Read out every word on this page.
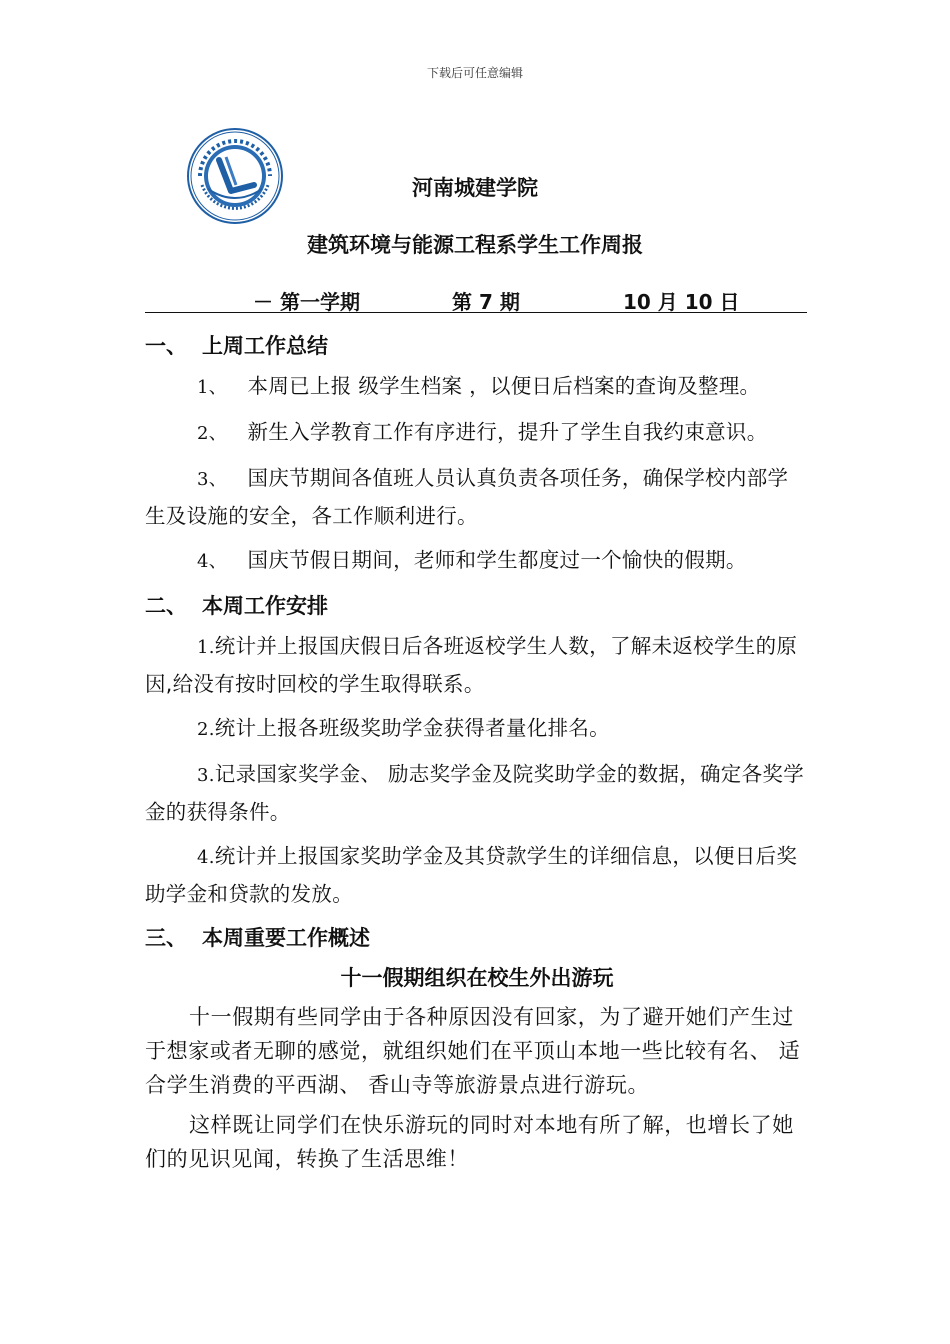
下载后可任意编辑
河南城建学院
建筑环境与能源工程系学生工作周报
－ 第一学期	第 7 期	10 月 10 日
一、 上周工作总结

1、 本周已上报 级学生档案 ，以便日后档案的查询及整理。

2、 新生入学教育工作有序进行，提升了学生自我约束意识。

3、 国庆节期间各值班人员认真负责各项任务，确保学校内部学生及设施的安全，各工作顺利进行。

4、 国庆节假日期间，老师和学生都度过一个愉快的假期。

二、 本周工作安排

1.统计并上报国庆假日后各班返校学生人数，了解未返校学生的原因,给没有按时回校的学生取得联系。

2.统计上报各班级奖助学金获得者量化排名。

3.记录国家奖学金、 励志奖学金及院奖助学金的数据，确定各奖学金的获得条件。

4.统计并上报国家奖助学金及其贷款学生的详细信息，以便日后奖助学金和贷款的发放。

三、 本周重要工作概述
十一假期组织在校生外出游玩

十一假期有些同学由于各种原因没有回家，为了避开她们产生过于想家或者无聊的感觉，就组织她们在平顶山本地一些比较有名、 适合学生消费的平西湖、 香山寺等旅游景点进行游玩。

这样既让同学们在快乐游玩的同时对本地有所了解，也增长了她们的见识见闻，转换了生活思维！
